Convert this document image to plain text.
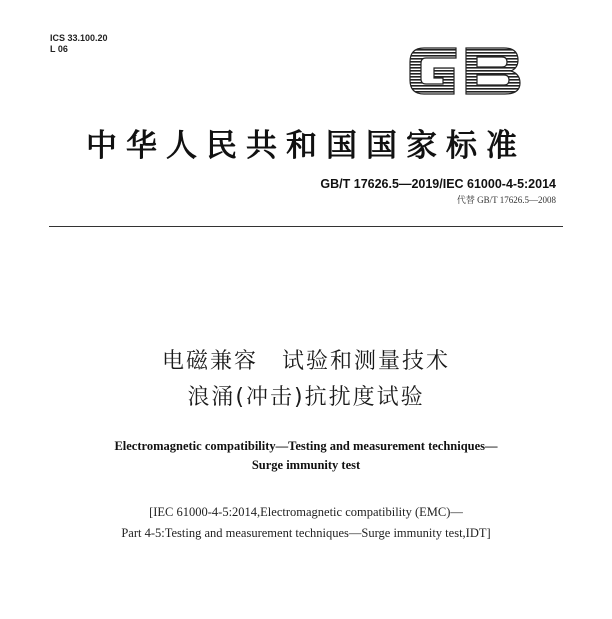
ICS 33.100.20
L 06
中华人民共和国国家标准
GB/T 17626.5—2019/IEC 61000-4-5:2014
代替 GB/T 17626.5—2008
电磁兼容　试验和测量技术
浪涌(冲击)抗扰度试验
Electromagnetic compatibility—Testing and measurement techniques—
Surge immunity test
[IEC 61000-4-5:2014,Electromagnetic compatibility (EMC)—
Part 4-5:Testing and measurement techniques—Surge immunity test,IDT]
